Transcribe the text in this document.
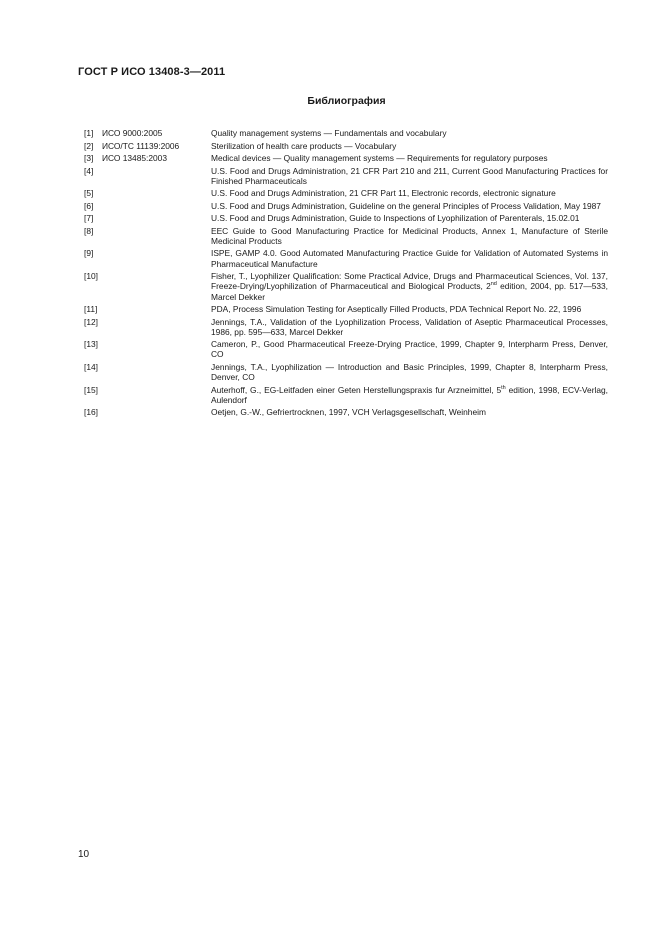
ГОСТ Р ИСО 13408-3—2011
Библиография
[1]	ИСО 9000:2005	Quality management systems — Fundamentals and vocabulary
[2]	ИСО/ТС 11139:2006	Sterilization of health care products — Vocabulary
[3]	ИСО 13485:2003	Medical devices — Quality management systems — Requirements for regulatory purposes
[4]	U.S. Food and Drugs Administration, 21 CFR Part 210 and 211, Current Good Manufacturing Practices for Finished Pharmaceuticals
[5]	U.S. Food and Drugs Administration, 21 CFR Part 11, Electronic records, electronic signature
[6]	U.S. Food and Drugs Administration, Guideline on the general Principles of Process Validation, May 1987
[7]	U.S. Food and Drugs Administration, Guide to Inspections of Lyophilization of Parenterals, 15.02.01
[8]	EEC Guide to Good Manufacturing Practice for Medicinal Products, Annex 1, Manufacture of Sterile Medicinal Products
[9]	ISPE, GAMP 4.0. Good Automated Manufacturing Practice Guide for Validation of Automated Systems in Pharmaceutical Manufacture
[10]	Fisher, T., Lyophilizer Qualification: Some Practical Advice, Drugs and Pharmaceutical Sciences, Vol. 137, Freeze-Drying/Lyophilization of Pharmaceutical and Biological Products, 2nd edition, 2004, pp. 517—533, Marcel Dekker
[11]	PDA, Process Simulation Testing for Aseptically Filled Products, PDA Technical Report No. 22, 1996
[12]	Jennings, T.A., Validation of the Lyophilization Process, Validation of Aseptic Pharmaceutical Processes, 1986, pp. 595—633, Marcel Dekker
[13]	Cameron, P., Good Pharmaceutical Freeze-Drying Practice, 1999, Chapter 9, Interpharm Press, Denver, CO
[14]	Jennings, T.A., Lyophilization — Introduction and Basic Principles, 1999, Chapter 8, Interpharm Press, Denver, CO
[15]	Auterhoff, G., EG-Leitfaden einer Geten Herstellungspraxis fur Arzneimittel, 5th edition, 1998, ECV-Verlag, Aulendorf
[16]	Oetjen, G.-W., Gefriertrocknen, 1997, VCH Verlagsgesellschaft, Weinheim
10
